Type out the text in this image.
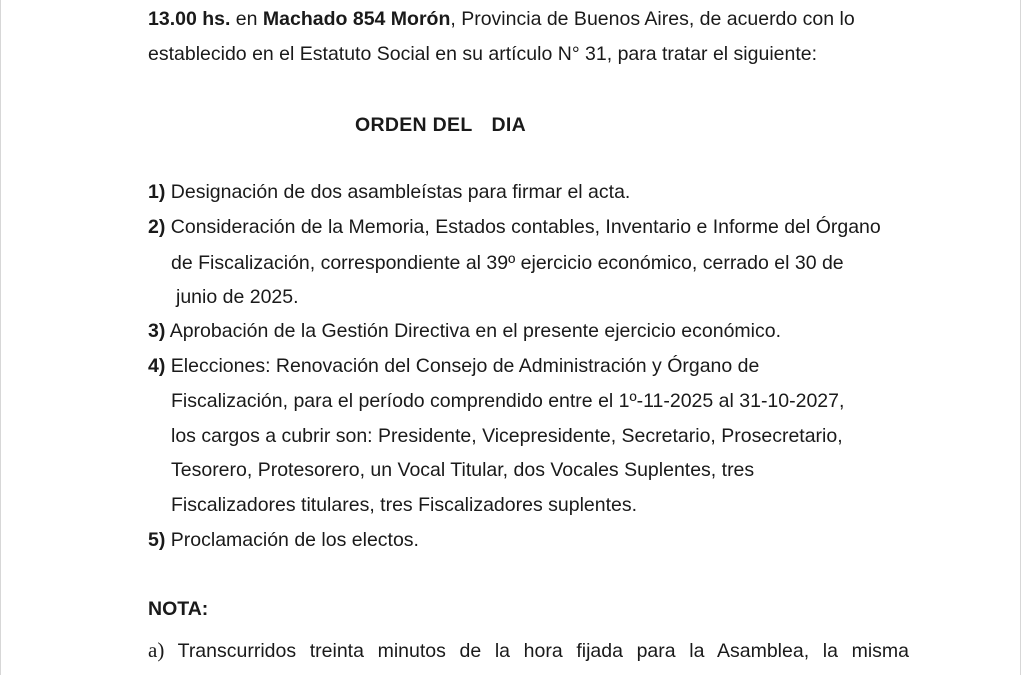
13.00 hs. en Machado 854 Morón, Provincia de Buenos Aires, de acuerdo con lo
establecido en el Estatuto Social en su artículo N° 31, para tratar el siguiente:
ORDEN DEL DIA
1) Designación de dos asambleístas para firmar el acta.
2) Consideración de la Memoria, Estados contables, Inventario e Informe del Órgano
de Fiscalización, correspondiente al 39º ejercicio económico, cerrado el 30 de
junio de 2025.
3) Aprobación de la Gestión Directiva en el presente ejercicio económico.
4) Elecciones: Renovación del Consejo de Administración y Órgano de
Fiscalización, para el período comprendido entre el 1º-11-2025 al 31-10-2027,
los cargos a cubrir son: Presidente, Vicepresidente, Secretario, Prosecretario,
Tesorero, Protesorero, un Vocal Titular, dos Vocales Suplentes, tres
Fiscalizadores titulares, tres Fiscalizadores suplentes.
5) Proclamación de los electos.
NOTA:
a) Transcurridos treinta minutos de la hora fijada para la Asamblea, la misma
